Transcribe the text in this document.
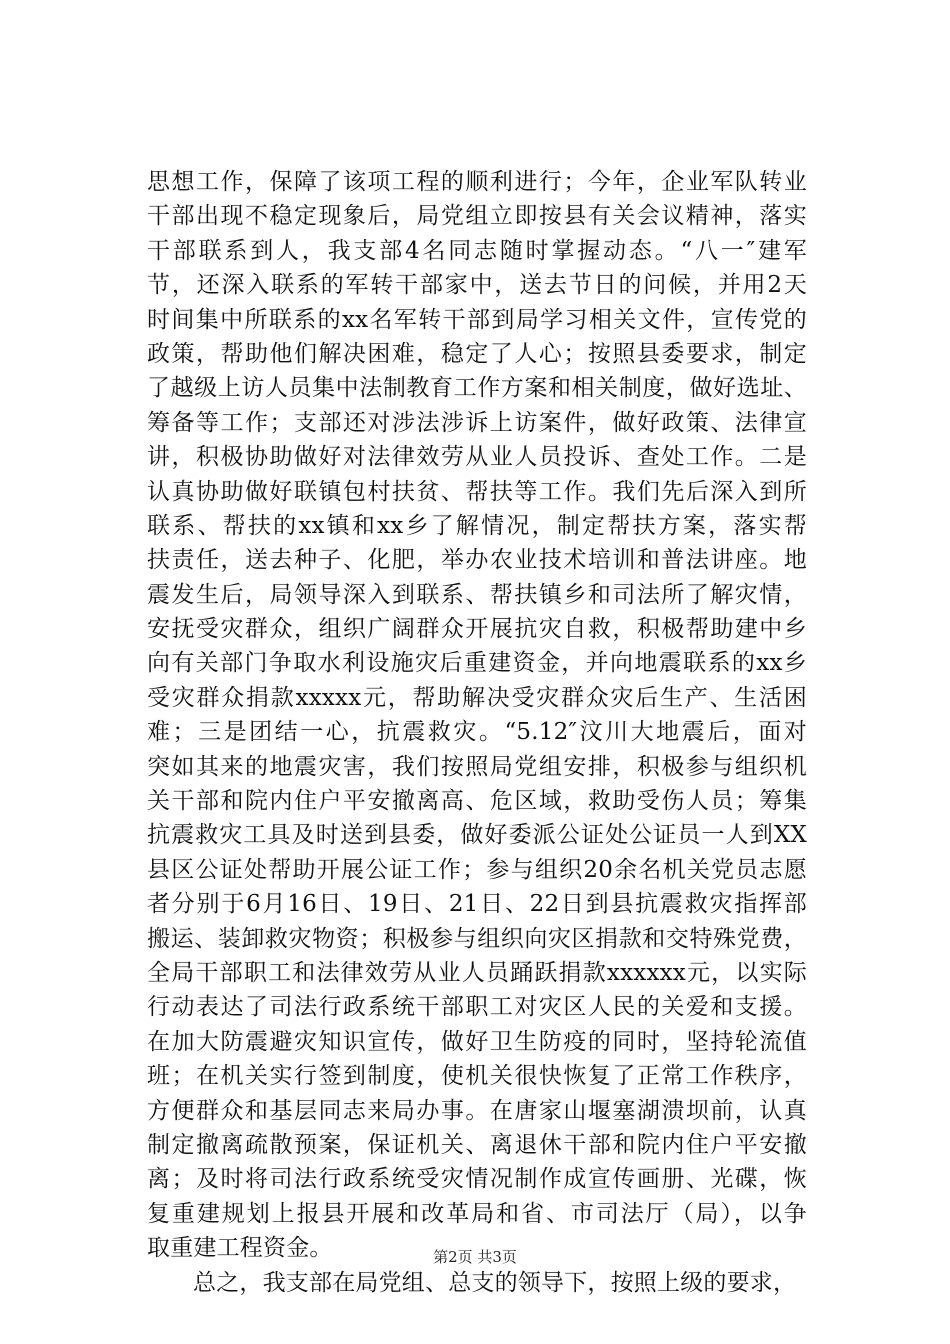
思想工作，保障了该项工程的顺利进行；今年，企业军队转业
干部出现不稳定现象后，局党组立即按县有关会议精神，落实
干部联系到人，我支部4名同志随时掌握动态。“八一″建军
节，还深入联系的军转干部家中，送去节日的问候，并用2天
时间集中所联系的xx名军转干部到局学习相关文件，宣传党的
政策，帮助他们解决困难，稳定了人心；按照县委要求，制定
了越级上访人员集中法制教育工作方案和相关制度，做好选址、
筹备等工作；支部还对涉法涉诉上访案件，做好政策、法律宣
讲，积极协助做好对法律效劳从业人员投诉、查处工作。二是
认真协助做好联镇包村扶贫、帮扶等工作。我们先后深入到所
联系、帮扶的xx镇和xx乡了解情况，制定帮扶方案，落实帮
扶责任，送去种子、化肥，举办农业技术培训和普法讲座。地
震发生后，局领导深入到联系、帮扶镇乡和司法所了解灾情，
安抚受灾群众，组织广阔群众开展抗灾自救，积极帮助建中乡
向有关部门争取水利设施灾后重建资金，并向地震联系的xx乡
受灾群众捐款xxxxx元，帮助解决受灾群众灾后生产、生活困
难；三是团结一心，抗震救灾。“5.12″汶川大地震后，面对
突如其来的地震灾害，我们按照局党组安排，积极参与组织机
关干部和院内住户平安撤离高、危区域，救助受伤人员；筹集
抗震救灾工具及时送到县委，做好委派公证处公证员一人到XX
县区公证处帮助开展公证工作；参与组织20余名机关党员志愿
者分别于6月16日、19日、21日、22日到县抗震救灾指挥部
搬运、装卸救灾物资；积极参与组织向灾区捐款和交特殊党费，
全局干部职工和法律效劳从业人员踊跃捐款xxxxxx元，以实际
行动表达了司法行政系统干部职工对灾区人民的关爱和支援。
在加大防震避灾知识宣传，做好卫生防疫的同时，坚持轮流值
班；在机关实行签到制度，使机关很快恢复了正常工作秩序，
方便群众和基层同志来局办事。在唐家山堰塞湖溃坝前，认真
制定撤离疏散预案，保证机关、离退休干部和院内住户平安撤
离；及时将司法行政系统受灾情况制作成宣传画册、光碟，恢
复重建规划上报县开展和改革局和省、市司法厅（局），以争
取重建工程资金。
总之，我支部在局党组、总支的领导下，按照上级的要求，
第2页 共3页
